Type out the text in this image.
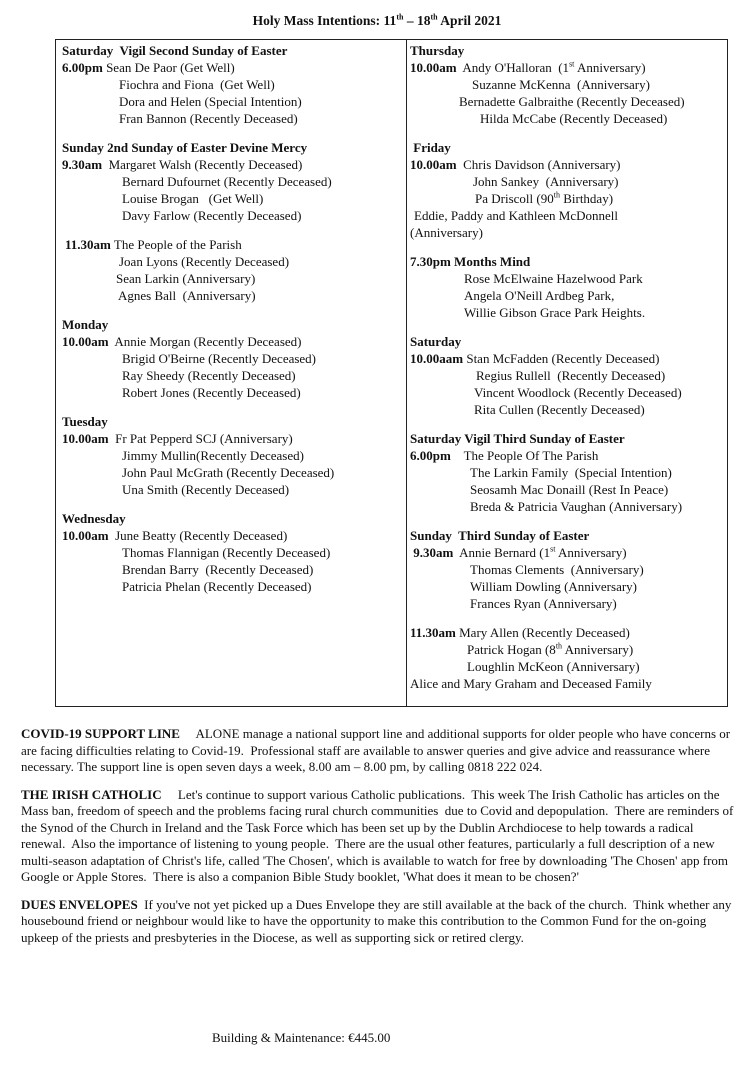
Holy Mass Intentions: 11th – 18th April 2021
Saturday  Vigil Second Sunday of Easter
6.00pm Sean De Paor (Get Well)
Fiochra and Fiona  (Get Well)
Dora and Helen (Special Intention)
Fran Bannon (Recently Deceased)
Sunday 2nd Sunday of Easter Devine Mercy
9.30am  Margaret Walsh (Recently Deceased)
Bernard Dufournet (Recently Deceased)
Louise Brogan   (Get Well)
Davy Farlow (Recently Deceased)
11.30am The People of the Parish
Joan Lyons (Recently Deceased)
Sean Larkin (Anniversary)
Agnes Ball  (Anniversary)
Monday
10.00am  Annie Morgan (Recently Deceased)
Brigid O'Beirne (Recently Deceased)
Ray Sheedy (Recently Deceased)
Robert Jones (Recently Deceased)
Tuesday
10.00am  Fr Pat Pepperd SCJ (Anniversary)
Jimmy Mullin(Recently Deceased)
John Paul McGrath (Recently Deceased)
Una Smith (Recently Deceased)
Wednesday
10.00am  June Beatty (Recently Deceased)
Thomas Flannigan (Recently Deceased)
Brendan Barry  (Recently Deceased)
Patricia Phelan (Recently Deceased)
Thursday
10.00am  Andy O'Halloran  (1st Anniversary)
Suzanne McKenna  (Anniversary)
Bernadette Galbraithe (Recently Deceased)
Hilda McCabe (Recently Deceased)
Friday
10.00am  Chris Davidson (Anniversary)
John Sankey  (Anniversary)
Pa Driscoll (90th Birthday)
Eddie, Paddy and Kathleen McDonnell
(Anniversary)
7.30pm Months Mind
Rose McElwaine Hazelwood Park
Angela O'Neill Ardbeg Park,
Willie Gibson Grace Park Heights.
Saturday
10.00aam Stan McFadden (Recently Deceased)
Regius Rullell  (Recently Deceased)
Vincent Woodlock (Recently Deceased)
Rita Cullen (Recently Deceased)
Saturday Vigil Third Sunday of Easter
6.00pm    The People Of The Parish
The Larkin Family  (Special Intention)
Seosamh Mac Donaill (Rest In Peace)
Breda & Patricia Vaughan (Anniversary)
Sunday  Third Sunday of Easter
9.30am  Annie Bernard (1st Anniversary)
Thomas Clements  (Anniversary)
William Dowling (Anniversary)
Frances Ryan (Anniversary)
11.30am Mary Allen (Recently Deceased)
Patrick Hogan (8th Anniversary)
Loughlin McKeon (Anniversary)
Alice and Mary Graham and Deceased Family

COVID-19 SUPPORT LINE     ALONE manage a national support line and additional supports for older people who have concerns or are facing difficulties relating to Covid-19.  Professional staff are available to answer queries and give advice and reassurance where necessary. The support line is open seven days a week, 8.00 am – 8.00 pm, by calling 0818 222 024.

THE IRISH CATHOLIC     Let's continue to support various Catholic publications.  This week The Irish Catholic has articles on the Mass ban, freedom of speech and the problems facing rural church communities  due to Covid and depopulation.  There are reminders of the Synod of the Church in Ireland and the Task Force which has been set up by the Dublin Archdiocese to help towards a radical renewal.  Also the importance of listening to young people.  There are the usual other features, particularly a full description of a new multi-season adaptation of Christ's life, called 'The Chosen', which is available to watch for free by downloading 'The Chosen' app from Google or Apple Stores.  There is also a companion Bible Study booklet, 'What does it mean to be chosen?'

DUES ENVELOPES  If you've not yet picked up a Dues Envelope they are still available at the back of the church.  Think whether any housebound friend or neighbour would like to have the opportunity to make this contribution to the Common Fund for the on-going upkeep of the priests and presbyteries in the Diocese, as well as supporting sick or retired clergy.

Building & Maintenance: €445.00
